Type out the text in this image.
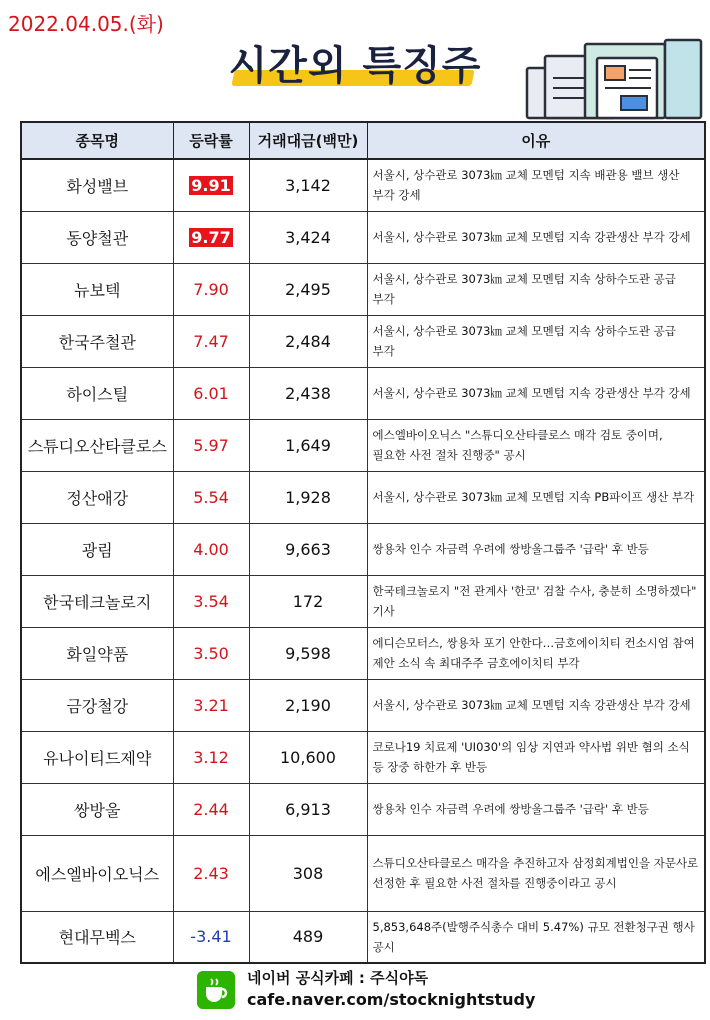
2022.04.05.(화)
시간외 특징주
종목명	등락률	거래대금(백만)	이유
화성밸브	9.91	3,142	서울시, 상수관로 3073㎞ 교체 모멘텀 지속 배관용 밸브 생산 부각 강세
동양철관	9.77	3,424	서울시, 상수관로 3073㎞ 교체 모멘텀 지속 강관생산 부각 강세
뉴보텍	7.90	2,495	서울시, 상수관로 3073㎞ 교체 모멘텀 지속 상하수도관 공급 부각
한국주철관	7.47	2,484	서울시, 상수관로 3073㎞ 교체 모멘텀 지속 상하수도관 공급 부각
하이스틸	6.01	2,438	서울시, 상수관로 3073㎞ 교체 모멘텀 지속 강관생산 부각 강세
스튜디오산타클로스	5.97	1,649	에스엘바이오닉스 "스튜디오산타클로스 매각 검토 중이며, 필요한 사전 절차 진행중" 공시
정산애강	5.54	1,928	서울시, 상수관로 3073㎞ 교체 모멘텀 지속 PB파이프 생산 부각
광림	4.00	9,663	쌍용차 인수 자금력 우려에 쌍방울그룹주 '급락' 후 반등
한국테크놀로지	3.54	172	한국테크놀로지 "전 관계사 '한코' 검찰 수사, 충분히 소명하겠다" 기사
화일약품	3.50	9,598	에디슨모터스, 쌍용차 포기 안한다…금호에이치티 컨소시엄 참여 제안 소식 속 최대주주 금호에이치티 부각
금강철강	3.21	2,190	서울시, 상수관로 3073㎞ 교체 모멘텀 지속 강관생산 부각 강세
유나이티드제약	3.12	10,600	코로나19 치료제 'UI030'의 임상 지연과 약사법 위반 혐의 소식 등 장중 하한가 후 반등
쌍방울	2.44	6,913	쌍용차 인수 자금력 우려에 쌍방울그룹주 '급락' 후 반등
에스엘바이오닉스	2.43	308	스튜디오산타클로스 매각을 추진하고자 삼정회계법인을 자문사로 선정한 후 필요한 사전 절차를 진행중이라고 공시
현대무벡스	-3.41	489	5,853,648주(발행주식총수 대비 5.47%) 규모 전환청구권 행사 공시
네이버 공식카페 : 주식야독
cafe.naver.com/stocknightstudy
